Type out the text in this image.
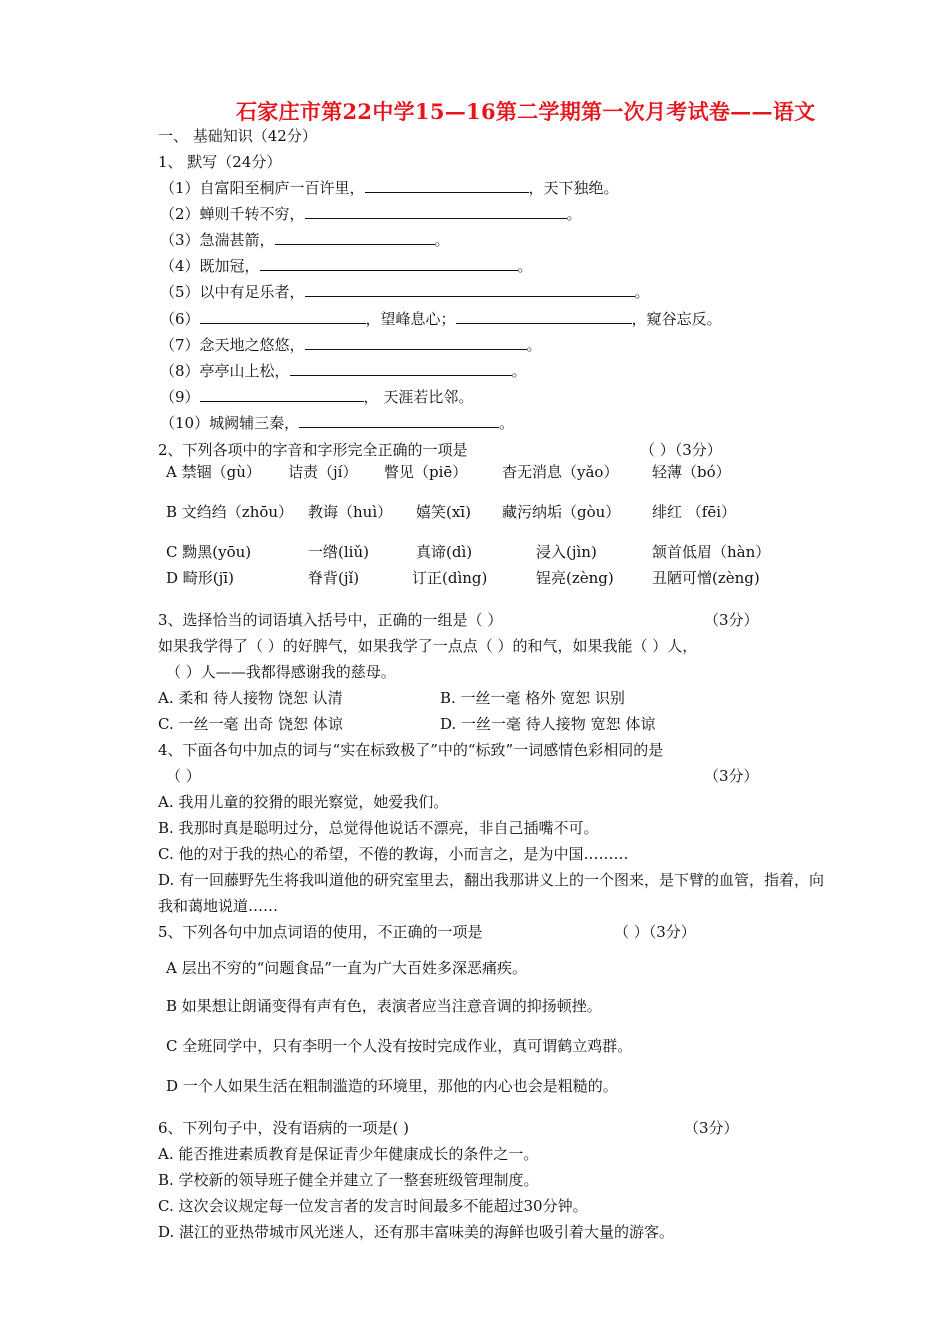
石家庄市第22中学15—16第二学期第一次月考试卷——语文
一、 基础知识（42分）
1、 默写（24分）
（1）自富阳至桐庐一百许里，	，天下独绝。
（2）蝉则千转不穷，	。
（3）急湍甚箭，	。
（4）既加冠，	。
（5）以中有足乐者，	。
（6）	，望峰息心；	，窥谷忘反。
（7）念天地之悠悠，	。
（8）亭亭山上松，	。
（9）	， 天涯若比邻。
（10）城阙辅三秦，	。
2、下列各项中的字音和字形完全正确的一项是	（ ）（3分）
A 禁锢（gù） 诘责（jí） 瞥见（piē） 杳无消息（yǎo） 轻薄（bó）
B 文绉绉（zhōu） 教诲（huì） 嬉笑(xī) 藏污纳垢（gòu） 绯红 （fēi）
C 黝黑(yōu)	一绺(liǔ)	真谛(dì)	浸入(jìn)	颔首低眉（hàn）
D 畸形(jī)	脊背(jǐ)	订正(dìng)	锃亮(zèng)	丑陋可憎(zèng)
3、选择恰当的词语填入括号中，正确的一组是（ ）	（3分）
如果我学得了（ ）的好脾气，如果我学了一点点（ ）的和气，如果我能（ ）人，
（ ）人——我都得感谢我的慈母。
A. 柔和 待人接物 饶恕 认清	B. 一丝一毫 格外 宽恕 识别
C. 一丝一毫 出奇 饶恕 体谅	D. 一丝一毫 待人接物 宽恕 体谅
4、下面各句中加点的词与“实在标致极了”中的“标致”一词感情色彩相同的是
（ ）	（3分）
A. 我用儿童的狡猾的眼光察觉，她爱我们。
B. 我那时真是聪明过分，总觉得他说话不漂亮，非自己插嘴不可。
C. 他的对于我的热心的希望，不倦的教诲，小而言之，是为中国………
D. 有一回藤野先生将我叫道他的研究室里去，翻出我那讲义上的一个图来，是下臂的血管，指着，向
我和蔼地说道……
5、下列各句中加点词语的使用，不正确的一项是	（ ）（3分）
A 层出不穷的“问题食品”一直为广大百姓多深恶痛疾。
B 如果想让朗诵变得有声有色，表演者应当注意音调的抑扬顿挫。
C 全班同学中，只有李明一个人没有按时完成作业，真可谓鹤立鸡群。
D 一个人如果生活在粗制滥造的环境里，那他的内心也会是粗糙的。
6、下列句子中，没有语病的一项是( )	（3分）
A. 能否推进素质教育是保证青少年健康成长的条件之一。
B. 学校新的领导班子健全并建立了一整套班级管理制度。
C. 这次会议规定每一位发言者的发言时间最多不能超过30分钟。
D. 湛江的亚热带城市风光迷人，还有那丰富味美的海鲜也吸引着大量的游客。
